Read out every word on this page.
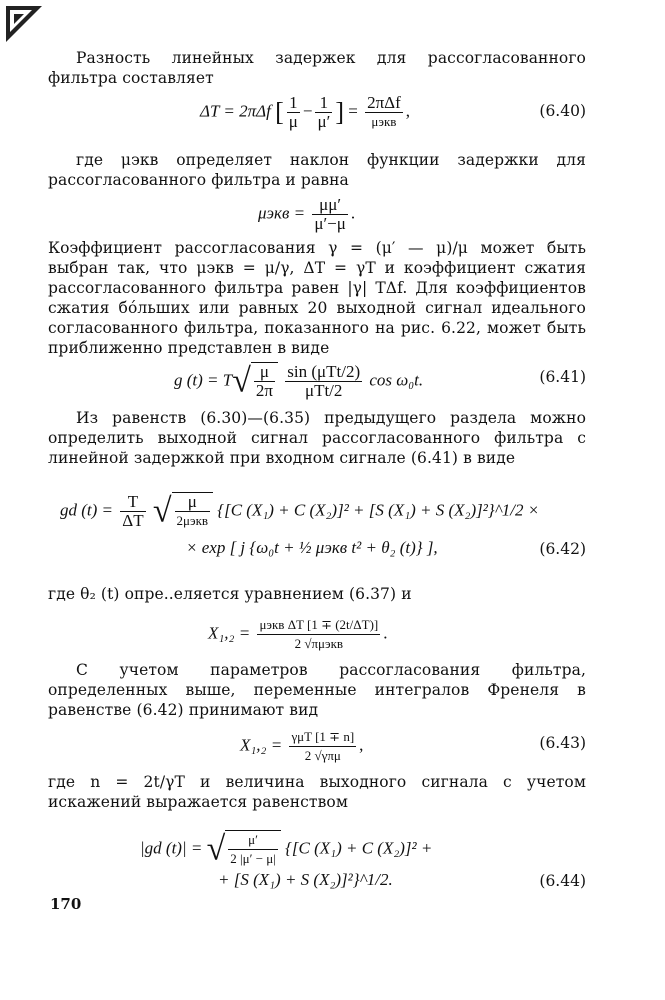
Разность линейных задержек для рассогласованного фильтра составляет
ΔT = 2πΔf [ $\frac{1}{\mu} - \frac{1}{\mu'}$ ] = $\frac{\text{2πΔf}}{\text{μэкв}}$ ,	(6.40)
где μэкв определяет наклон функции задержки для рассогласованного фильтра и равна
$\mu экв = \frac{\mu\mu'}{\mu'-\mu}$ .
Коэффициент рассогласования γ = (μ′ — μ)/μ может быть выбран так, что μэкв = μ/γ, ΔT = γT и коэффициент сжатия рассогласованного фильтра равен |γ| TΔf. Для коэффициентов сжатия бо́льших или равных 20 выходной сигнал идеального согласованного фильтра, показанного на рис. 6.22, может быть приближенно представлен в виде
g $(t) = T√ \frac{\mu}{2\pi}$
$\frac{\text{sin (μTt/2)}}{\text{μTt/2}}$ cos ω₀t.	(6.41)
Из равенств (6.30)—(6.35) предыдущего раздела можно определить выходной сигнал рассогласованного фильтра с линейной задержкой при входном сигнале (6.41) в виде
gd $(t) = \frac{T}{\Delta T}$ √ $\frac{\mu}{\text{2μэкв}} \{[C$ (X₁) + C (X₂)]² + [S (X₁) + S (X₂)]²}^1/2 ×
× exp [ j {ω₀t + ½ μэкв t² + θ₂ (t)} ],	(6.42)
где θ₂ (t) опре..еляется уравнением (6.37) и
$X_1,_2 = \frac{\text{μэкв ΔT [1 ∓ (2t/ΔT)]}}{\text{2 √πμэкв}}$ .
С учетом параметров рассогласования фильтра, определенных выше, переменные интегралов Френеля в равенстве (6.42) принимают вид
$X_1,_2 = \frac{\text{γμT [1 ∓ n]}}{\text{2 √γπμ}}$ ,	(6.43)
где n = 2t/γT и величина выходного сигнала с учетом искажений выражается равенством
|gd (t)| = √ $\frac{\mu'}{2 |\mu' - \mu|} \{[C$ (X₁) + C (X₂)]² +
+ [S (X₁) + S (X₂)]²}^1/2.	(6.44)
170
